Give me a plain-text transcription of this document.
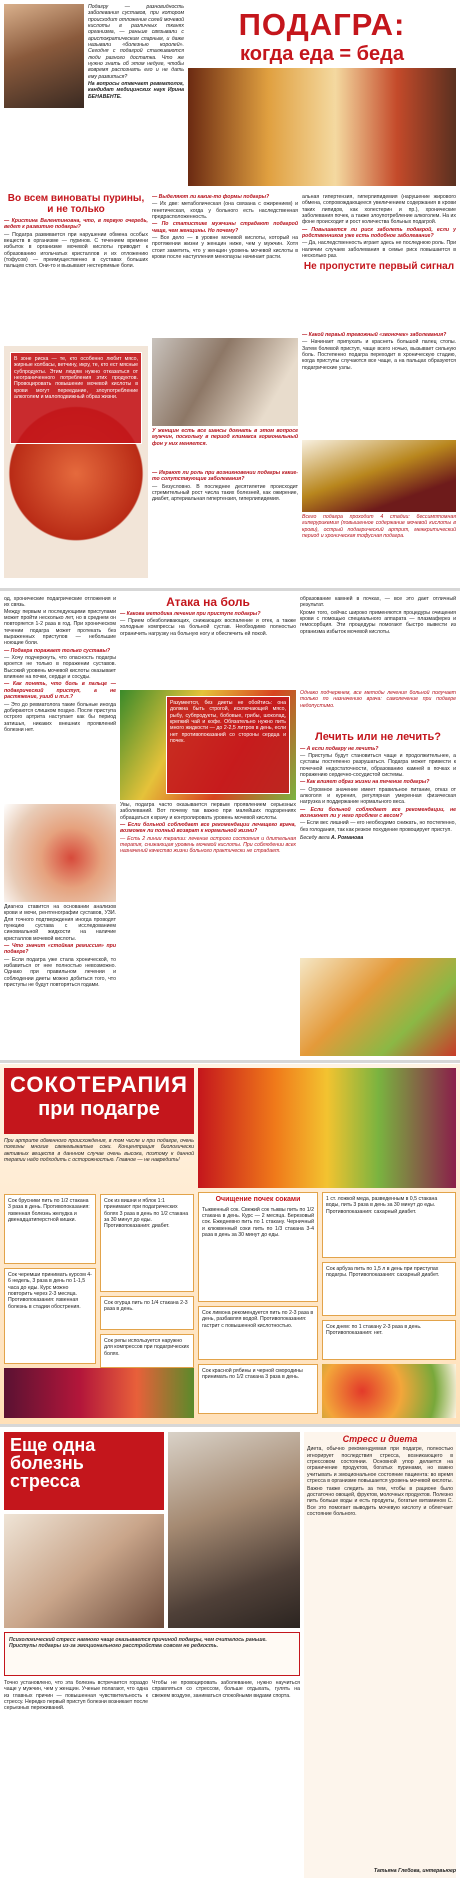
Подагру — разновидность заболевания суставов, при котором происходит отложение солей мочевой кислоты в различных тканях организма, — раньше связывали с аристократическим спарным, и даже называли «болезнью королей». Сегодня с подагрой сталкиваются люди разного достатка. Что же нужно знать об этом недуге, чтобы вовремя распознать его и не дать ему развиться?

На вопросы отвечает ревматолог, кандидат медицинских наук Ирина БЕНАВЕНТЕ.

ПОДАГРА:
когда еда = беда
Во всем виноваты пурины, и не только

— Кристина Валентиновна, что, в первую очередь, ведет к развитию подагры?

— Подагра развивается при нарушении обмена особых веществ в организме — пуринов. С течением времени избыток в организме мочевой кислоты приводит к образованию игольчатых кристаллов и их отложению (тофусов) — преимущественно в суставах больших пальцев стоп. Они-то и вызывают нестерпимые боли.

В зоне риска — те, кто особенно любит мясо, жирные колбасы, ветчину, икру, те, кто ест мясные субпродукты. Этим людям нужно отказаться от неограниченного потребления этих продуктов. Провоцировать повышение мочевой кислоты в крови могут переедание, злоупотребление алкоголем и малоподвижный образ жизни.

— Выделяют ли какие-то формы подагры?

— Их две: метаболическая (она связана с ожирением) и генетическая, когда у больного есть наследственная предрасположенность.

— По статистике мужчины страдают подагрой чаще, чем женщины. Но почему?

— Все дело — в уровне мочевой кислоты, который на протяжении жизни у женщин ниже, чем у мужчин. Хотя стоит заметить, что у женщин уровень мочевой кислоты в крови после наступления менопаузы начинает расти.

У женщин есть все шансы догнать в этом вопросе мужчин, поскольку в период климакса гормональный фон у них меняется.

— Играют ли роль при возникновении подагры какие-то сопутствующие заболевания?

— Безусловно. В последнее десятилетие происходит стремительный рост числа таких болезней, как ожирение, диабет, артериальная гипертензия, гиперлипидемия.

альная гипертензия, гиперлипидемия (нарушение жирового обмена, сопровождающееся увеличением содержания в крови таких липидов, как холестерин и пр.), хронические заболевания почек, а также злоупотребление алкоголем. На их фоне происходит и рост количества больных подагрой.

— Повышается ли риск заболеть подагрой, если у родственников уже есть подобное заболевание?

— Да, наследственность играет здесь не последнюю роль. При наличии случаев заболевания в семье риск повышается в несколько раз.

Не пропустите первый сигнал

— Какой первый тревожный «звоночек» заболевания?

— Начинает припухать и краснеть большой палец стопы. Затем болевой приступ, чаще всего ночью, вызывает сильную боль. Постепенно подагра переходит в хроническую стадию, когда приступы случаются все чаще, а на пальцах образуются подагрические узлы.

Всего подагра проходит 4 стадии: бессимптомная гиперурикемия (повышенное содержание мочевой кислоты в крови), острый подагрический артрит, межкритический период и хроническая тофусная подагра.

од, хронические подагрические отложения и их связь.
Между первым и последующими приступами может пройти несколько лет, но в среднем он повторяется 1-2 раза в год. При хроническом течении подагра может протекать без выраженных приступов — небольшие ноющие боли.

— Подагра поражает только суставы?

— Хочу подчеркнуть, что опасность подагры кроется не только в поражении суставов. Высокий уровень мочевой кислоты оказывает влияние на почки, сердце и сосуды.

— Как понять, что боль в пальце — подагрический приступ, а не растяжение, ушиб и т.п.?

— Это до ревматолога такие больные иногда добираются слишком поздно. После приступа острого артрита наступает как бы период затишья, никаких внешних проявлений болезни нет.

Диагноз ставится на основании анализов крови и мочи, рентгенографии суставов, УЗИ. Для точного подтверждения иногда проводят пункцию сустава с исследованием синовиальной жидкости на наличие кристаллов мочевой кислоты.

— Что значит «стойкая ремиссия» при подагре?

— Если подагра уже стала хронической, то избавиться от нее полностью невозможно. Однако при правильном лечении и соблюдении диеты можно добиться того, что приступы не будут повторяться годами.

Атака на боль

— Какова методика лечения при приступе подагры?

— Прием обезболивающих, снижающих воспаление и отек, а также холодные компрессы на больной сустав. Необходимо полностью ограничить нагрузку на больную ногу и обеспечить ей покой.

Разумеется, без диеты не обойтись: она должна быть строгой, исключающей мясо, рыбу, субпродукты, бобовые, грибы, шоколад, крепкий чай и кофе. Обязательно нужно пить много жидкости — до 2-2,5 литров в день, если нет противопоказаний со стороны сердца и почек.

Увы, подагра часто оказывается первым проявлением серьезных заболеваний. Вот почему так важно при малейших подозрениях обращаться к врачу и контролировать уровень мочевой кислоты.

— Если больной соблюдает все рекомендации лечащего врача, возможен ли полный возврат к нормальной жизни?

— Есть 2 линии терапии: лечение острого состояния и длительная терапия, снижающая уровень мочевой кислоты. При соблюдении всех назначений качество жизни больного практически не страдает.

образование камней в почках, — все это дает отличный результат.

Кроме того, сейчас широко применяются процедуры очищения крови с помощью специального аппарата — плазмаферез и гемосорбция. Эти процедуры помогают быстро вывести из организма избыток мочевой кислоты.

Однако подчеркнем, все методы лечения больной получает только по назначению врача: самолечение при подагре недопустимо.

Лечить или не лечить?

— А если подагру не лечить?

— Приступы будут становиться чаще и продолжительнее, а суставы постепенно разрушаться. Подагра может привести к почечной недостаточности, образованию камней в почках и поражению сердечно-сосудистой системы.

— Как влияет образ жизни на течение подагры?

— Огромное значение имеет правильное питание, отказ от алкоголя и курения, регулярная умеренная физическая нагрузка и поддержание нормального веса.

— Если больной соблюдает все рекомендации, не возникнет ли у него проблем с весом?

— Если вес лишний — его необходимо снижать, но постепенно, без голодания, так как резкое похудение провоцирует приступ.

Беседу вела А. Романова

СОКОТЕРАПИЯ
при подагре

При артрите обменного происхождения, в том числе и при подагре, очень полезны многие свежевыжатые соки. Концентрация биологически активных веществ в даннном случае очень высока, поэтому к данной терапии надо подходить с осторожностью. Главное — не навредить!

Очищение почек соками

Тыквенный сок. Свежий сок тыквы пить по 1/2 стакана в день. Курс — 2 месяца. Березовый сок. Ежедневно пить по 1 стакану. Черничный и клюквенный соки пить по 1/3 стакана 3-4 раза в день за 30 минут до еды.

Сок брусники пить по 1/2 стакана 3 раза в день. Противопоказания: язвенная болезнь желудка и двенадцатиперстной кишки.

Сок черемши принимать курсом 4-6 недель, 3 раза в день по 1-1,5 часа до еды. Курс можно повторить через 2-3 месяца. Противопоказания: язвенная болезнь в стадии обострения.

Сок из вишни и яблок 1:1 принимают при подагрических болях 3 раза в день по 1/2 стакана за 30 минут до еды. Противопоказания: диабет.

Сок огурца пить по 1/4 стакана 2-3 раза в день.

Сок репы используется наружно для компрессов при подагрических болях.

Сок лимона рекомендуется пить по 2-3 раза в день, разбавляя водой. Противопоказания: гастрит с повышенной кислотностью.

Сок красной рябины и черной смородины принимать по 1/2 стакана 3 раза в день.

1 ст. ложкой меда, разведенным в 0,5 стакана воды, пить 3 раза в день за 30 минут до еды. Противопоказания: сахарный диабет.

Сок арбуза пить по 1,5 л в день при приступах подагры. Противопоказания: сахарный диабет.

Сок днем: по 1 стакану 2-3 раза в день. Противопоказания: нет.

Еще одна
болезнь
стресса
Стресс и диета

Диета, обычно рекомендуемая при подагре, полностью игнорирует последствия стресса, возникающего в стрессовом состоянии. Основной упор делается на ограничение продуктов, богатых пуринами, но важно учитывать и эмоциональное состояние пациента: во время стресса в организме повышается уровень мочевой кислоты.

Важно также следить за тем, чтобы в рационе было достаточно овощей, фруктов, молочных продуктов. Полезно пить больше воды и есть продукты, богатые витамином С. Все это помогает выводить мочевую кислоту и облегчает состояние больного.

Психологический стресс намного чаще оказывается причиной подагры, чем считалось раньше. Приступы подагры из-за эмоционального расстройства совсем не редкость.

Точно установлено, что эта болезнь встречается гораздо чаще у мужчин, чем у женщин. Ученые полагают, что одна из главных причин — повышенная чувствительность к стрессу. Нередко первый приступ болезни возникает после серьезных переживаний.

Чтобы не провоцировать заболевание, нужно научиться справляться со стрессом, больше отдыхать, гулять на свежем воздухе, заниматься спокойными видами спорта.

Татьяна Глебова, интервьюер
